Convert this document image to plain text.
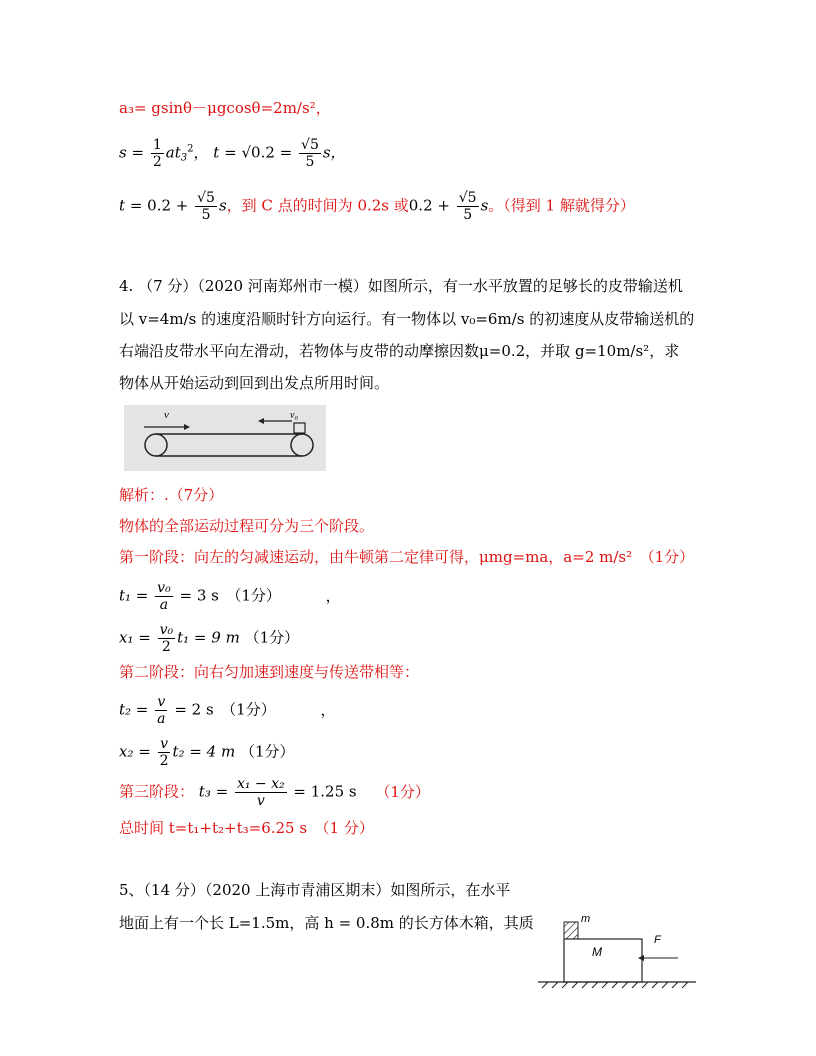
a₃= gsinθ－μgcosθ=2m/s²，
$s = \frac{1}{2} at_3^2$， $t = √0.2 = \frac{√5}{5}$ s，
$t = 0.2 + \frac{√5}{5}$ s，到 C 点的时间为 0.2s 或$0.2 + \frac{√5}{5}$ s。（得到 1 解就得分）
4. （7 分）（2020 河南郑州市一模）如图所示，有一水平放置的足够长的皮带输送机
以 v=4m/s 的速度沿顺时针方向运行。有一物体以 v₀=6m/s 的初速度从皮带输送机的
右端沿皮带水平向左滑动，若物体与皮带的动摩擦因数μ=0.2，并取 g=10m/s²，求
物体从开始运动到回到出发点所用时间。
v	v₀
解析：.（7分）
物体的全部运动过程可分为三个阶段。
第一阶段：向左的匀减速运动，由牛顿第二定律可得，μmg=ma，a=2 m/s²　（1分）
$t_1 = \frac{\text{v₀}}{a} = 3$ s　（1分）	，
$x_1 = \frac{\text{v₀}}{2} t_1 = 9$ m （1分）
第二阶段：向右匀加速到速度与传送带相等：
$t_2 = \frac{v}{a} = 2$ s　（1分）	，
$x_2 = \frac{v}{2} t_2 = 4$ m （1分）
第三阶段： $t_3 = \frac{\text{x₁ − x₂}}{v} = 1.25$ s （1分）
总时间 t=t₁+t₂+t₃=6.25 s　（1 分）
5、（14 分）（2020 上海市青浦区期末）如图所示，在水平
地面上有一个长 L=1.5m，高 h = 0.8m 的长方体木箱，其质	m
M
F
